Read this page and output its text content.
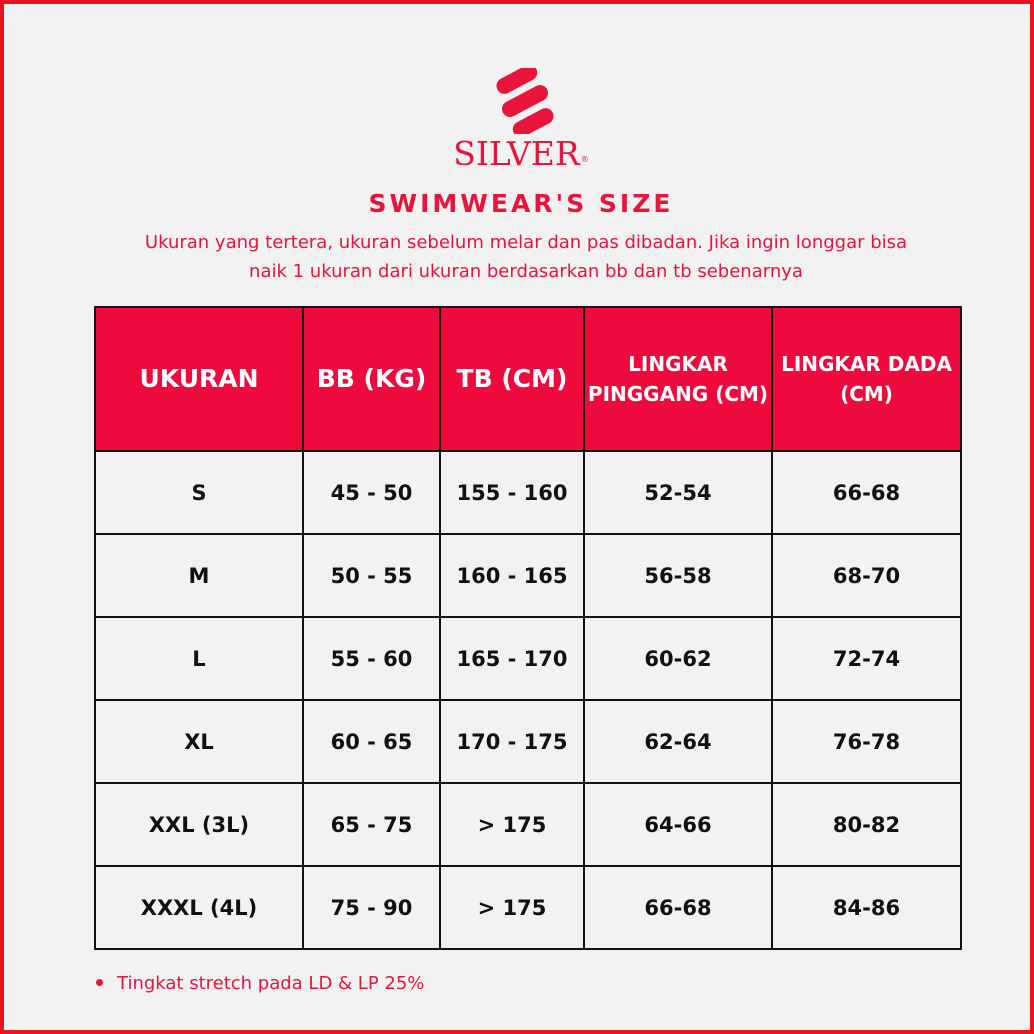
SILVER®
SWIMWEAR'S SIZE
Ukuran yang tertera, ukuran sebelum melar dan pas dibadan. Jika ingin longgar bisa naik 1 ukuran dari ukuran berdasarkan bb dan tb sebenarnya
UKURAN	BB (KG)	TB (CM)	LINGKAR PINGGANG (CM)	LINGKAR DADA (CM)
S	45 - 50	155 - 160	52-54	66-68
M	50 - 55	160 - 165	56-58	68-70
L	55 - 60	165 - 170	60-62	72-74
XL	60 - 65	170 - 175	62-64	76-78
XXL (3L)	65 - 75	> 175	64-66	80-82
XXXL (4L)	75 - 90	> 175	66-68	84-86
Tingkat stretch pada LD & LP 25%
